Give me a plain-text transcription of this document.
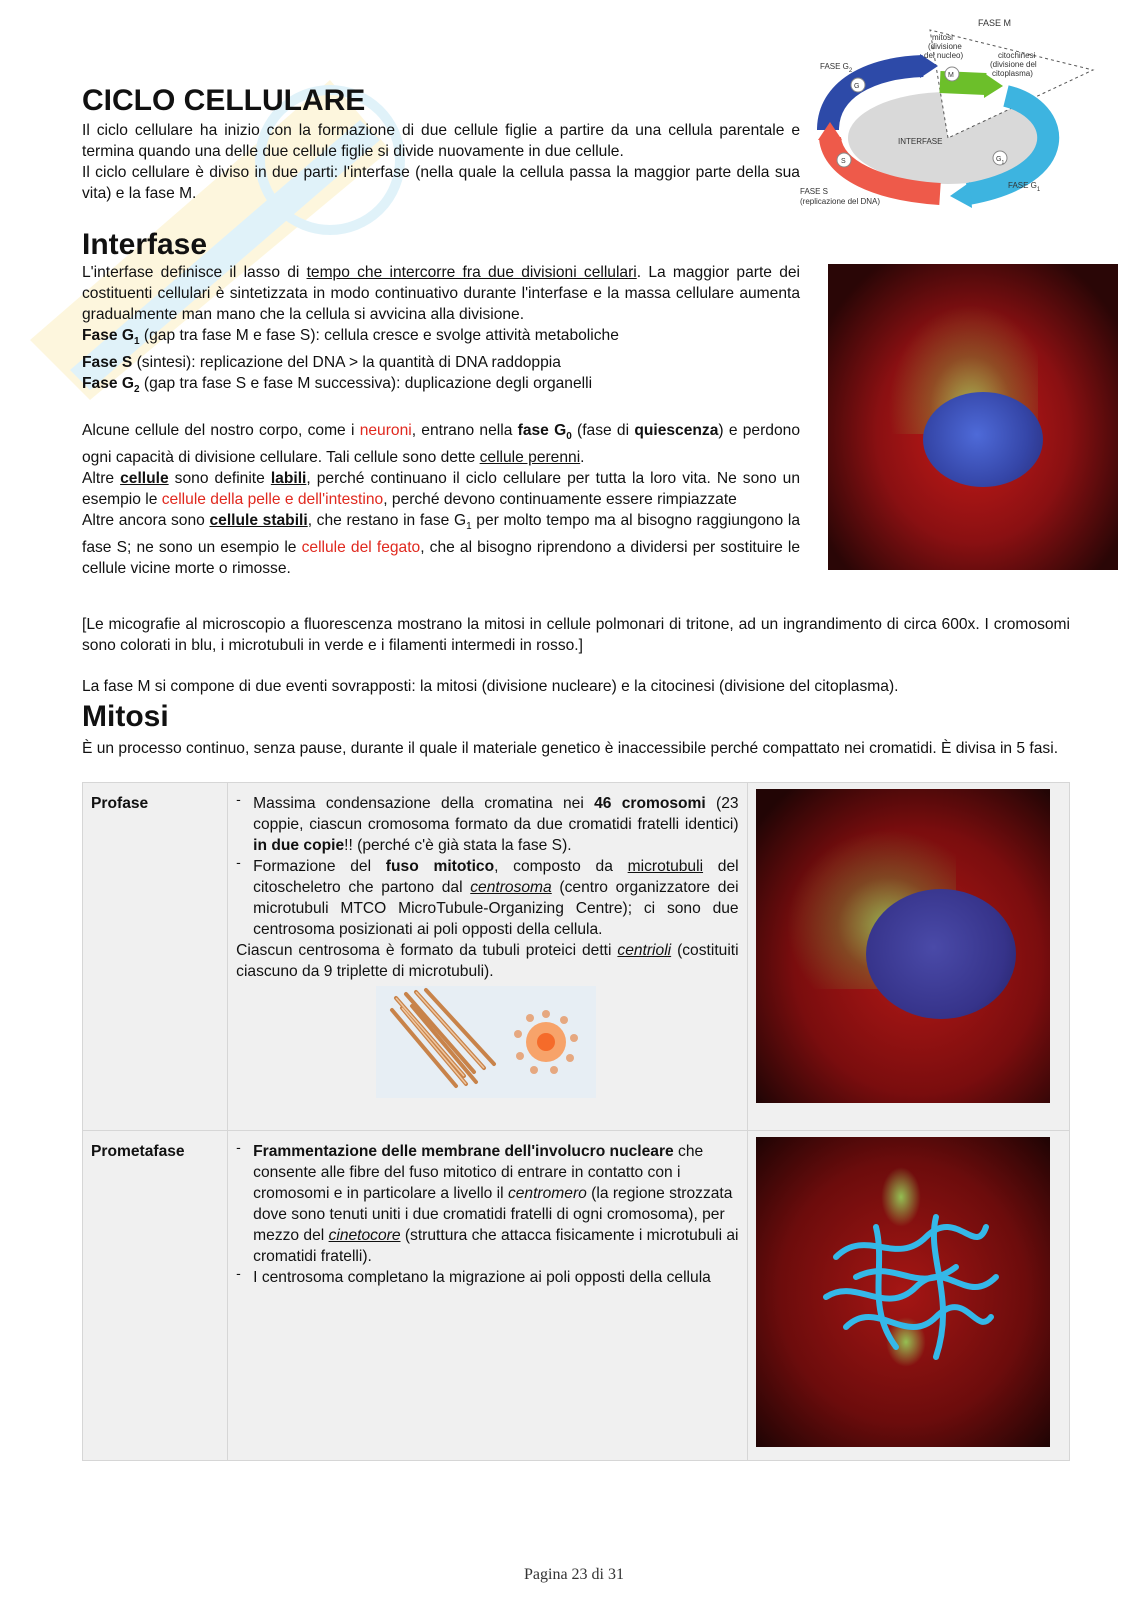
CICLO CELLULARE

Il ciclo cellulare ha inizio con la formazione di due cellule figlie a partire da una cellula parentale e termina quando una delle due cellule figlie si divide nuovamente in due cellule.

Il ciclo cellulare è diviso in due parti: l'interfase (nella quale la cellula passa la maggior parte della sua vita) e la fase M.

FASE M
mitosi
(divisione
del nucleo)	citochinesi
(divisione del
citoplasma)
FASE $G_2$
G
M
INTERFASE
$G_1$
S
FASE $G_1$
FASE S
(replicazione del DNA)
Interfase

L'interfase definisce il lasso di tempo che intercorre fra due divisioni cellulari. La maggior parte dei costituenti cellulari è sintetizzata in modo continuativo durante l'interfase e la massa cellulare aumenta gradualmente man mano che la cellula si avvicina alla divisione.

Fase $G_1$ (gap tra fase M e fase S): cellula cresce e svolge attività metaboliche

Fase S (sintesi): replicazione del DNA > la quantità di DNA raddoppia

Fase $G_2$ (gap tra fase S e fase M successiva): duplicazione degli organelli

Alcune cellule del nostro corpo, come i neuroni, entrano nella fase $G_0$ (fase di quiescenza) e perdono ogni capacità di divisione cellulare. Tali cellule sono dette cellule perenni.

Altre cellule sono definite labili, perché continuano il ciclo cellulare per tutta la loro vita. Ne sono un esempio le cellule della pelle e dell'intestino, perché devono continuamente essere rimpiazzate

Altre ancora sono cellule stabili, che restano in fase $G_1$ per molto tempo ma al bisogno raggiungono la fase S; ne sono un esempio le cellule del fegato, che al bisogno riprendono a dividersi per sostituire le cellule vicine morte o rimosse.

[Le micografie al microscopio a fluorescenza mostrano la mitosi in cellule polmonari di tritone, ad un ingrandimento di circa 600x. I cromosomi sono colorati in blu, i microtubuli in verde e i filamenti intermedi in rosso.]

La fase M si compone di due eventi sovrapposti: la mitosi (divisione nucleare) e la citocinesi (divisione del citoplasma).

Mitosi

È un processo continuo, senza pause, durante il quale il materiale genetico è inaccessibile perché compattato nei cromatidi. È divisa in 5 fasi.

Profase	- Massima condensazione della cromatina nei 46 cromosomi (23 coppie, ciascun cromosoma formato da due cromatidi fratelli identici) in due copie!! (perché c'è già stata la fase S).
- Formazione del fuso mitotico, composto da microtubuli del citoscheletro che partono dal centrosoma (centro organizzatore dei microtubuli MTCO MicroTubule-Organizing Centre); ci sono due centrosoma posizionati ai poli opposti della cellula.
Ciascun centrosoma è formato da tubuli proteici detti centrioli (costituiti ciascuno da 9 triplette di microtubuli).

Prometafase	- Frammentazione delle membrane dell'involucro nucleare che consente alle fibre del fuso mitotico di entrare in contatto con i cromosomi e in particolare a livello il centromero (la regione strozzata dove sono tenuti uniti i due cromatidi fratelli di ogni cromosoma), per mezzo del cinetocore (struttura che attacca fisicamente i microtubuli ai cromatidi fratelli).
- I centrosoma completano la migrazione ai poli opposti della cellula

Pagina 23 di 31
